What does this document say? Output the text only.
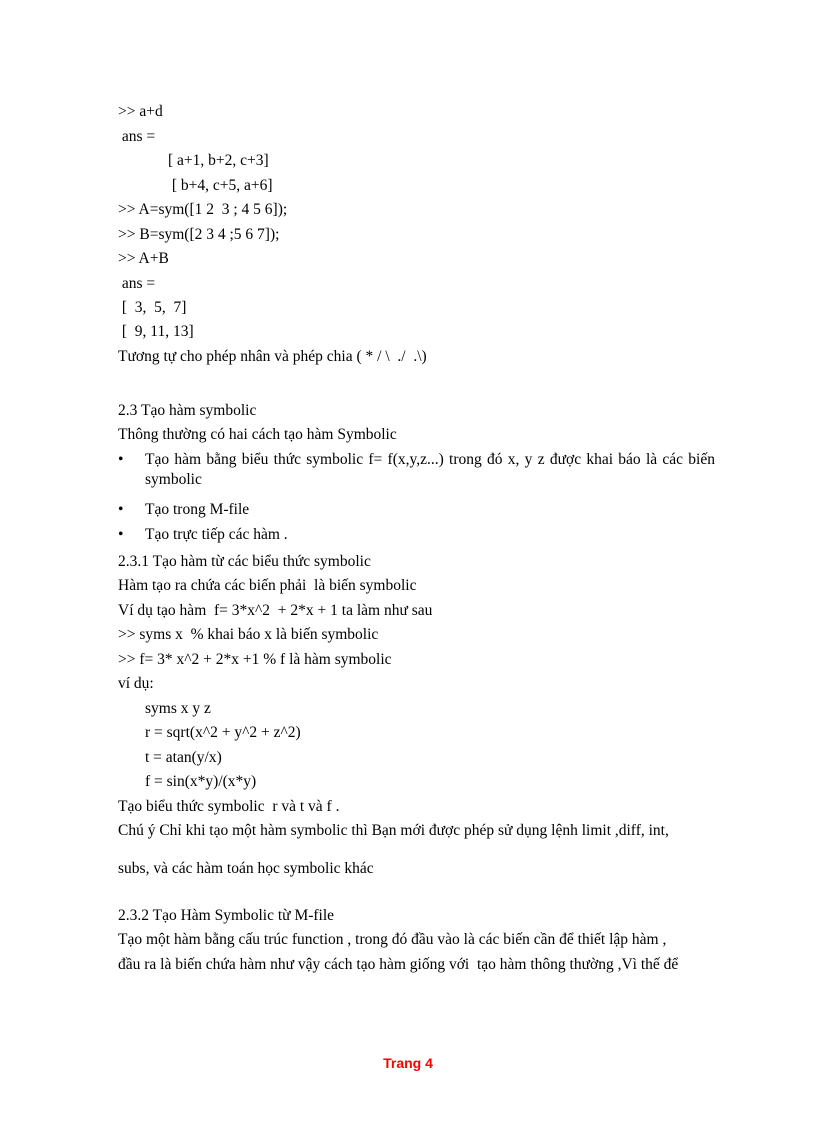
>> a+d
ans =
[ a+1, b+2, c+3]
[ b+4, c+5, a+6]
>> A=sym([1 2  3 ; 4 5 6]);
>> B=sym([2 3 4 ;5 6 7]);
>> A+B
ans =
[  3,  5,  7]
[  9, 11, 13]
Tương tự cho phép nhân và phép chia ( * / \  ./  .\)
2.3 Tạo hàm symbolic
Thông thường có hai cách tạo hàm Symbolic
• Tạo hàm bằng biểu thức symbolic f= f(x,y,z...) trong đó x, y z được khai báo là các biến symbolic
• Tạo trong M-file
• Tạo trực tiếp các hàm .
2.3.1 Tạo hàm từ các biểu thức symbolic
Hàm tạo ra chứa các biến phải  là biến symbolic
Ví dụ tạo hàm  f= 3*x^2  + 2*x + 1 ta làm như sau
>> syms x  % khai báo x là biến symbolic
>> f= 3* x^2 + 2*x +1 % f là hàm symbolic
ví dụ:
syms x y z
r = sqrt(x^2 + y^2 + z^2)
t = atan(y/x)
f = sin(x*y)/(x*y)
Tạo biểu thức symbolic  r và t và f .
Chú ý Chỉ khi tạo một hàm symbolic thì Bạn mới được phép sử dụng lệnh limit ,diff, int,
subs, và các hàm toán học symbolic khác
2.3.2 Tạo Hàm Symbolic từ M-file
Tạo một hàm bằng cấu trúc function , trong đó đầu vào là các biến cần để thiết lập hàm ,
đầu ra là biến chứa hàm như vậy cách tạo hàm giống với  tạo hàm thông thường ,Vì thế để
Trang 4
